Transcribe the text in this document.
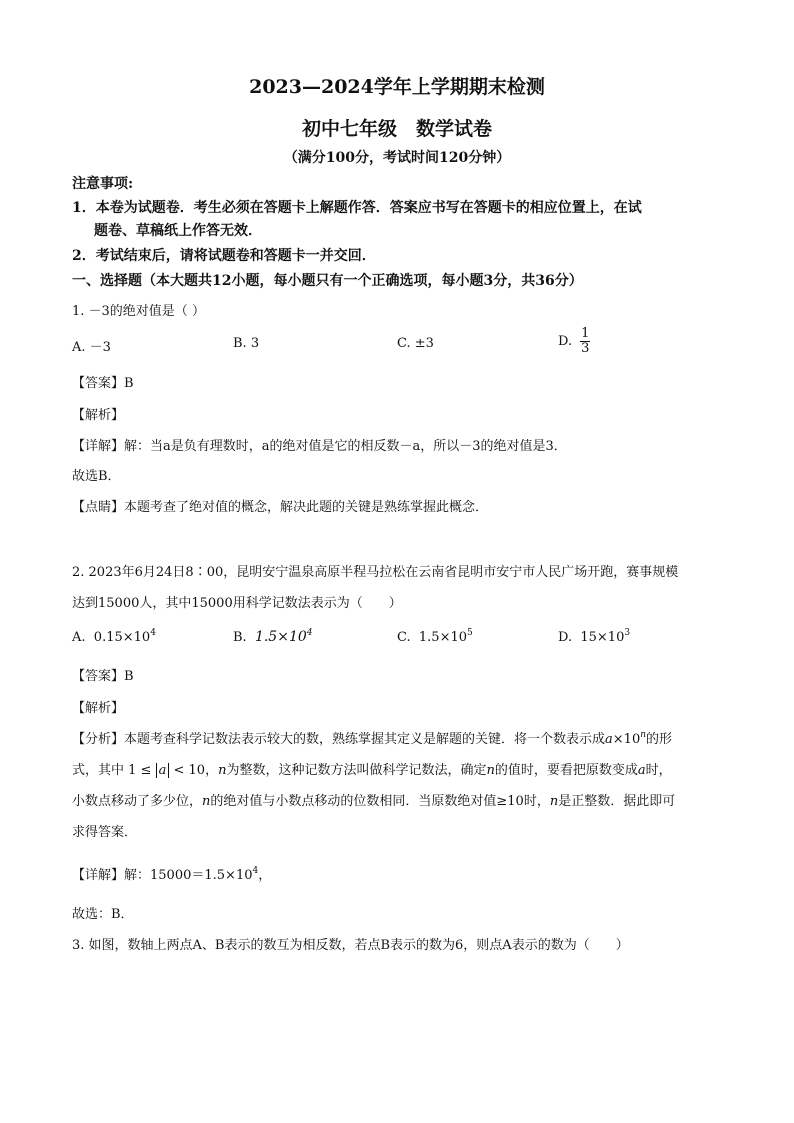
2023—2024学年上学期期末检测
初中七年级　数学试卷
（满分100分，考试时间120分钟）
注意事项:
1．本卷为试题卷．考生必须在答题卡上解题作答．答案应书写在答题卡的相应位置上，在试
题卷、草稿纸上作答无效．
2．考试结束后，请将试题卷和答题卡一并交回．
一、选择题（本大题共12小题，每小题只有一个正确选项，每小题3分，共36分）
1. －3的绝对值是（ ）
A. －3	B. 3	C. ±3	D. $\frac{1}{3}$
【答案】B
【解析】
【详解】解：当a是负有理数时，a的绝对值是它的相反数－a，所以－3的绝对值是3．
故选B．
【点睛】本题考查了绝对值的概念，解决此题的关键是熟练掌握此概念．
2. 2023年6月24日8∶00，昆明安宁温泉高原半程马拉松在云南省昆明市安宁市人民广场开跑，赛事规模
达到15000人，其中15000用科学记数法表示为（　　）
A. $0.15\times 10^4$	B. $1.5\times 10^4$	C. $1.5\times 10^5$	D. $15\times 10^3$
【答案】B
【解析】
【分析】本题考查科学记数法表示较大的数，熟练掌握其定义是解题的关键．将一个数表示成$a\times 10^n$的形
式，其中 1 ≤ a < 10，n为整数，这种记数方法叫做科学记数法，确定n的值时，要看把原数变成a时，
小数点移动了多少位，n的绝对值与小数点移动的位数相同．当原数绝对值≥10时，n是正整数．据此即可
求得答案．
【详解】解：$15000=1.5\times 10^4$，
故选：B．
3. 如图，数轴上两点A、B表示的数互为相反数，若点B表示的数为6，则点A表示的数为（　　）
